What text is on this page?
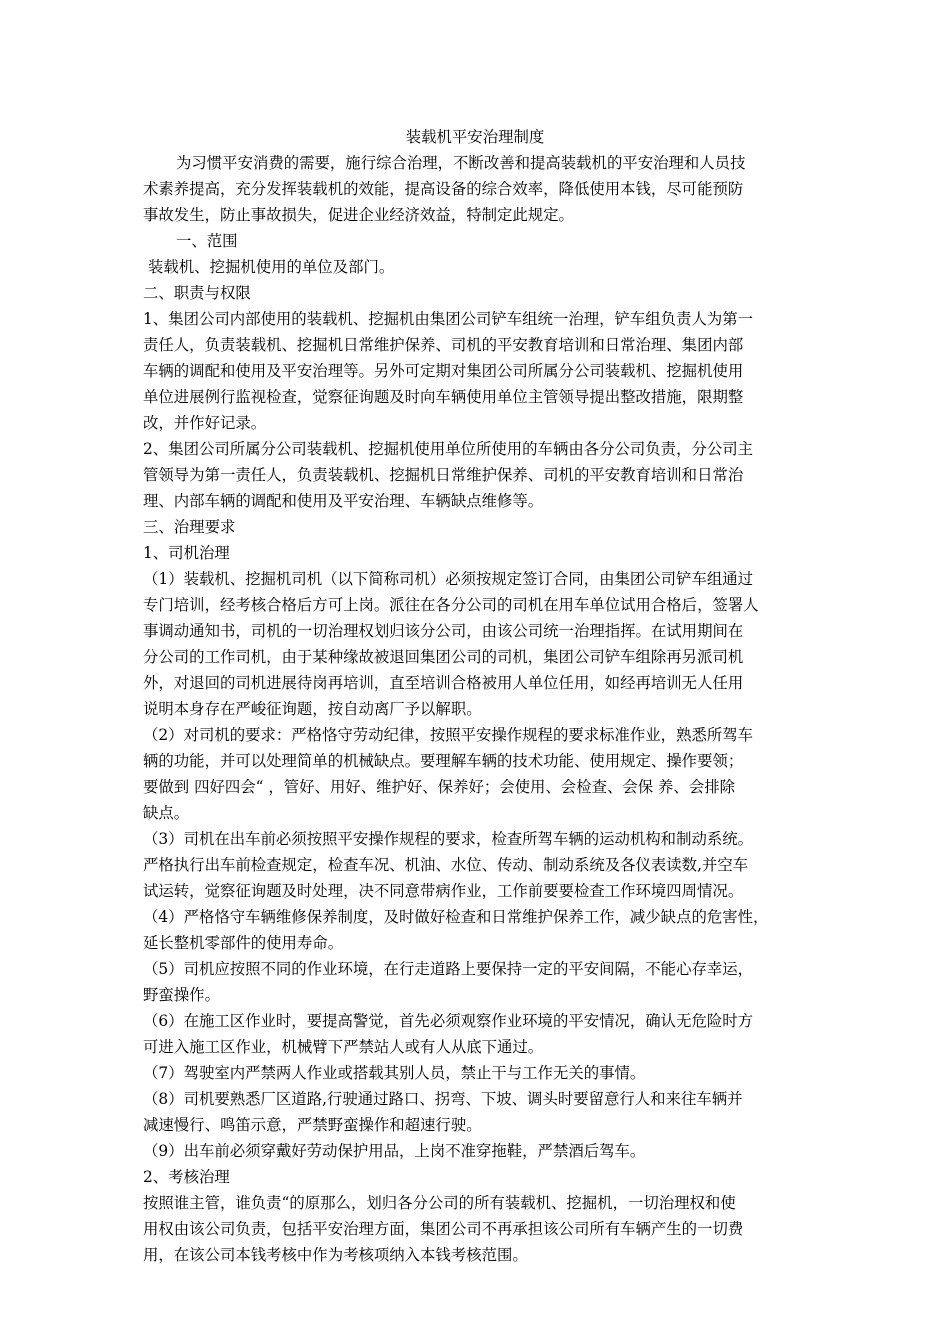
装载机平安治理制度
为习惯平安消费的需要，施行综合治理，不断改善和提高装载机的平安治理和人员技
术素养提高，充分发挥装载机的效能，提高设备的综合效率，降低使用本钱，尽可能预防
事故发生，防止事故损失，促进企业经济效益，特制定此规定。
一、范围
装载机、挖掘机使用的单位及部门。
二、职责与权限
1、集团公司内部使用的装载机、挖掘机由集团公司铲车组统一治理，铲车组负责人为第一
责任人，负责装载机、挖掘机日常维护保养、司机的平安教育培训和日常治理、集团内部
车辆的调配和使用及平安治理等。另外可定期对集团公司所属分公司装载机、挖掘机使用
单位进展例行监视检查，觉察征询题及时向车辆使用单位主管领导提出整改措施，限期整
改，并作好记录。
2、集团公司所属分公司装载机、挖掘机使用单位所使用的车辆由各分公司负责，分公司主
管领导为第一责任人，负责装载机、挖掘机日常维护保养、司机的平安教育培训和日常治
理、内部车辆的调配和使用及平安治理、车辆缺点维修等。
三、治理要求
1、司机治理
（1）装载机、挖掘机司机（以下简称司机）必须按规定签订合同，由集团公司铲车组通过
专门培训，经考核合格后方可上岗。派往在各分公司的司机在用车单位试用合格后，签署人
事调动通知书，司机的一切治理权划归该分公司，由该公司统一治理指挥。在试用期间在
分公司的工作司机，由于某种缘故被退回集团公司的司机，集团公司铲车组除再另派司机
外，对退回的司机进展待岗再培训，直至培训合格被用人单位任用，如经再培训无人任用
说明本身存在严峻征询题，按自动离厂予以解职。
（2）对司机的要求：严格恪守劳动纪律，按照平安操作规程的要求标准作业，熟悉所驾车
辆的功能，并可以处理简单的机械缺点。要理解车辆的技术功能、使用规定、操作要领；
要做到 四好四会“ ，管好、用好、维护好、保养好；会使用、会检查、会保 养、会排除
缺点。
（3）司机在出车前必须按照平安操作规程的要求，检查所驾车辆的运动机构和制动系统。
严格执行出车前检查规定，检查车况、机油、水位、传动、制动系统及各仪表读数,并空车
试运转，觉察征询题及时处理，决不同意带病作业，工作前要要检查工作环境四周情况。
（4）严格恪守车辆维修保养制度，及时做好检查和日常维护保养工作，减少缺点的危害性，
延长整机零部件的使用寿命。
（5）司机应按照不同的作业环境，在行走道路上要保持一定的平安间隔，不能心存幸运，
野蛮操作。
（6）在施工区作业时，要提高警觉，首先必须观察作业环境的平安情况，确认无危险时方
可进入施工区作业，机械臂下严禁站人或有人从底下通过。
（7）驾驶室内严禁两人作业或搭载其别人员，禁止干与工作无关的事情。
（8）司机要熟悉厂区道路,行驶通过路口、拐弯、下坡、调头时要留意行人和来往车辆并
减速慢行、鸣笛示意，严禁野蛮操作和超速行驶。
（9）出车前必须穿戴好劳动保护用品，上岗不准穿拖鞋，严禁酒后驾车。
2、考核治理
按照谁主管，谁负责“的原那么，划归各分公司的所有装载机、挖掘机，一切治理权和使
用权由该公司负责，包括平安治理方面，集团公司不再承担该公司所有车辆产生的一切费
用，在该公司本钱考核中作为考核项纳入本钱考核范围。
